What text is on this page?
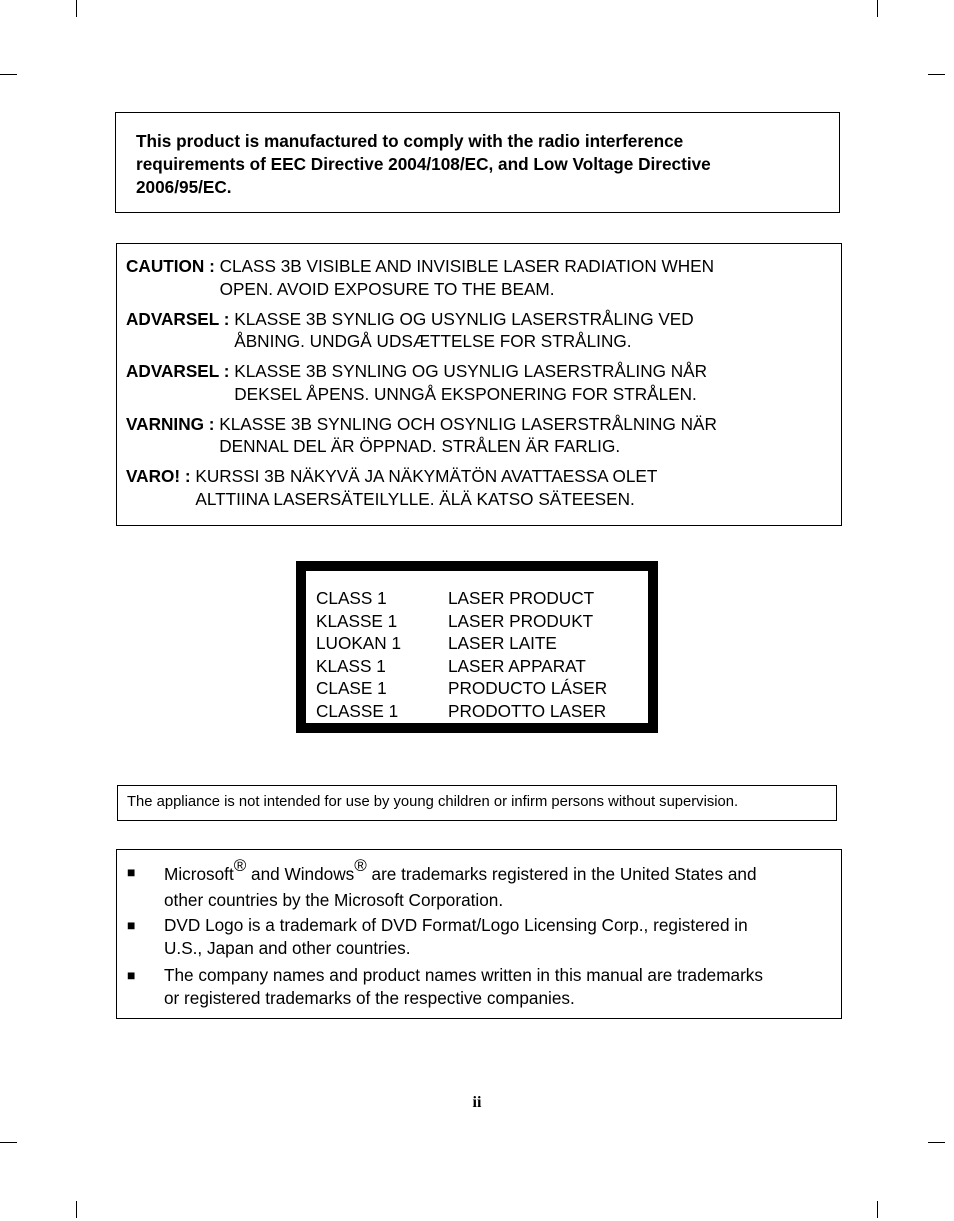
This product is manufactured to comply with the radio interference

requirements of EEC Directive 2004/108/EC, and Low Voltage Directive

2006/95/EC.

CAUTION : CLASS 3B VISIBLE AND INVISIBLE LASER RADIATION WHEN
OPEN. AVOID EXPOSURE TO THE BEAM.
ADVARSEL : KLASSE 3B SYNLIG OG USYNLIG LASERSTRÅLING VED
ÅBNING. UNDGÅ UDSÆTTELSE FOR STRÅLING.
ADVARSEL : KLASSE 3B SYNLING OG USYNLIG LASERSTRÅLING NÅR
DEKSEL ÅPENS. UNNGÅ EKSPONERING FOR STRÅLEN.
VARNING : KLASSE 3B SYNLING OCH OSYNLIG LASERSTRÅLNING NÄR
DENNAL DEL ÄR ÖPPNAD. STRÅLEN ÄR FARLIG.
VARO! : KURSSI 3B NÄKYVÄ JA NÄKYMÄTÖN AVATTAESSA OLET
ALTTIINA LASERSÄTEILYLLE. ÄLÄ KATSO SÄTEESEN.
CLASS 1	LASER PRODUCT
KLASSE 1	LASER PRODUKT
LUOKAN 1	LASER LAITE
KLASS 1	LASER APPARAT
CLASE 1	PRODUCTO LÁSER
CLASSE 1	PRODOTTO LASER
The appliance is not intended for use by young children or infirm persons without supervision.
■	Microsoft® and Windows® are trademarks registered in the United States and
other countries by the Microsoft Corporation.
■	DVD Logo is a trademark of DVD Format/Logo Licensing Corp., registered in
U.S., Japan and other countries.
■	The company names and product names written in this manual are trademarks
or registered trademarks of the respective companies.
ii
